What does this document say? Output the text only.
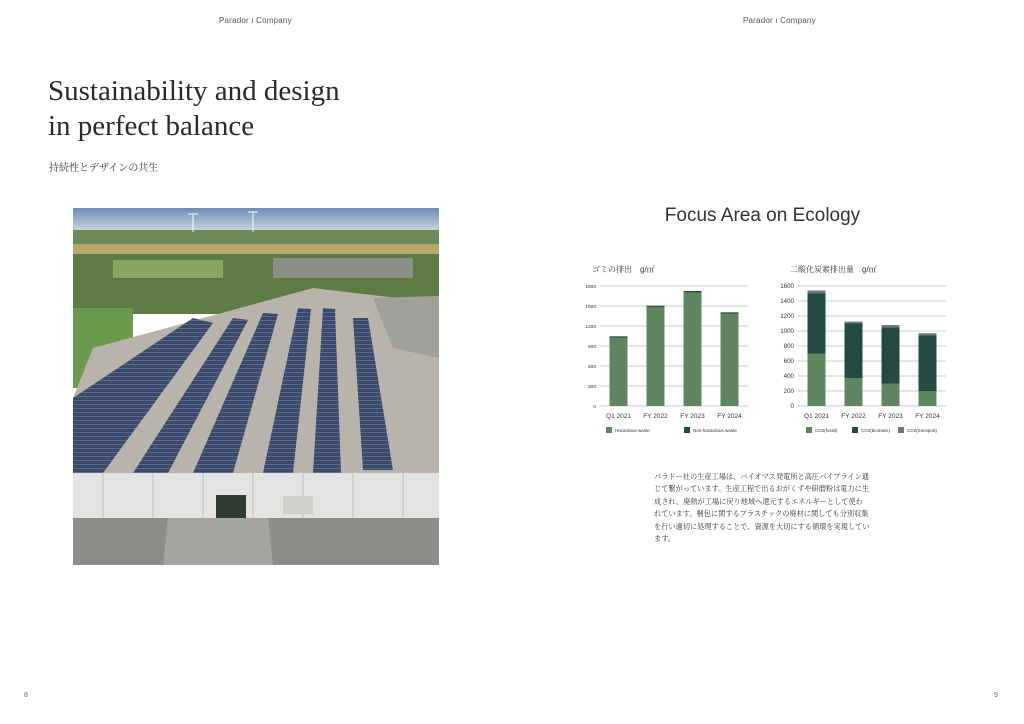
Parador ı Company	Parador ı Company
Sustainability and design
in perfect balance
持続性とデザインの共生
Focus Area on Ecology
ゴミの排出　g/㎡	二酸化炭素排出量　g/㎡
0
300
600
900
1200
1500
1800
Q1 2021 FY 2022 FY 2023 FY 2024
Hazardous waste	Non-hazardous waste
0
200
400
600
800
1000
1200
1400
1600
Q1 2021 FY 2022 FY 2023 FY 2024
CO2(fossil)	CO2(biomass)	CO2(transport)

パラドー社の生産工場は、バイオマス発電所と高圧パイプライン通じて繋がっています。生産工程で出るおがくずや研磨粉は電力に生成され、廃熱が工場に戻り地域へ還元するエネルギーとして使われています。梱包に関するプラスチックの廃材に関しても分別収集を行い適切に処理することで、資源を大切にする循環を実現しています。

8	9
